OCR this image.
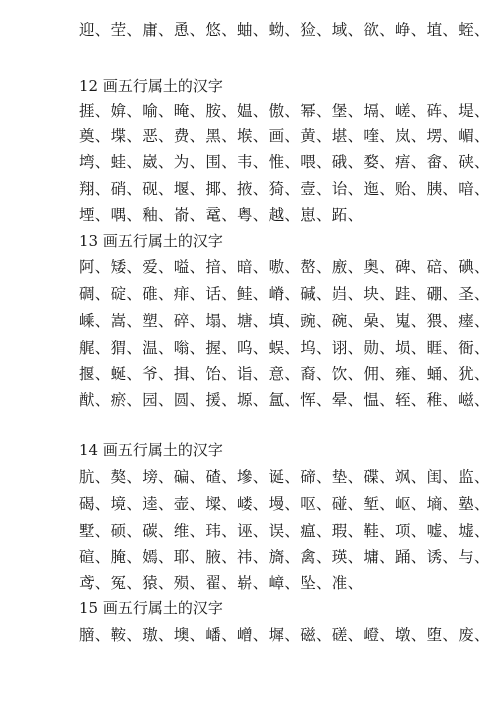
迎、茔、庸、恿、悠、蚰、蚴、猃、域、欲、峥、埴、蛭、
12 画五行属土的汉字
捱、媕、喻、晻、胺、媪、傲、幂、堡、塥、嵯、砗、堤、
奠、堞、恶、费、黑、堠、画、黄、堪、喹、岚、塄、嵋、
塆、蛙、崴、为、围、韦、惟、喂、硪、婺、痦、畲、硖、
翔、硝、砚、堰、揶、掖、猗、壹、诒、迤、贻、胰、喑、
堙、喁、釉、嵛、鼋、粤、越、崽、跖、
13 画五行属土的汉字
阿、矮、爱、嗌、揞、暗、嗷、嶅、廒、奥、碑、碚、碘、
碉、碇、碓、痱、话、鲑、嵴、碱、岿、块、跬、硼、圣、
嵊、嵩、塑、碎、塌、塘、填、豌、碗、喿、嵬、猥、瘗、
艉、猬、温、嗡、握、呜、蜈、坞、诩、勋、埙、睚、衙、
揠、蜒、爷、揖、饴、诣、意、裔、饮、佣、雍、蛹、犹、
猷、瘀、园、圆、援、塬、氲、恽、晕、愠、轾、稚、嵫、
14 画五行属土的汉字
肮、獒、塝、碥、碴、墋、诞、碲、垫、碟、飒、闺、监、
碣、境、逵、壶、墚、嵝、墁、呕、碰、堑、岖、墒、塾、
墅、硕、碳、维、玮、诬、误、瘟、瑕、鞋、项、嘘、墟、
碹、腌、嫣、耶、腋、祎、旖、禽、瑛、墉、踊、诱、与、
鸢、冤、猿、殒、翟、崭、嶂、坠、准、
15 画五行属土的汉字
膪、鞍、璈、墺、嶓、嶒、墀、磁、磋、嶝、墩、堕、废、
